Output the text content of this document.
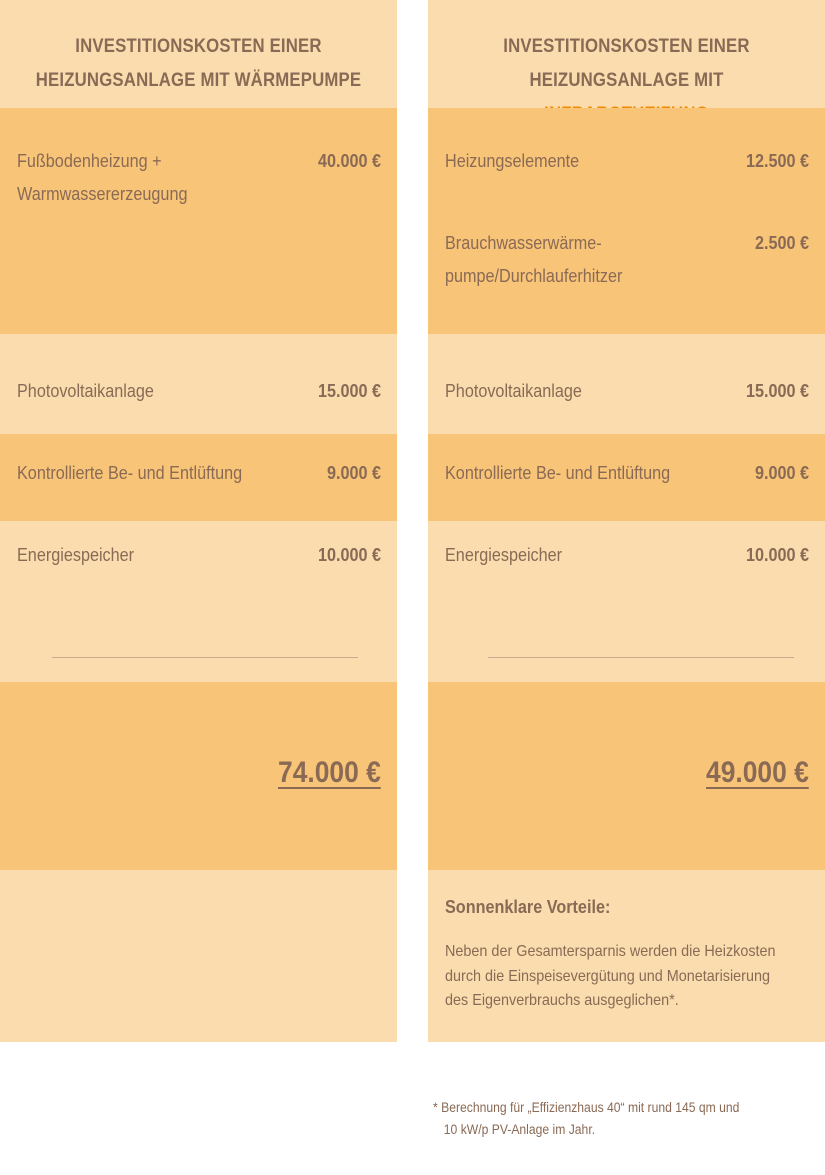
INVESTITIONSKOSTEN EINER
HEIZUNGSANLAGE MIT WÄRMEPUMPE
Fußbodenheizung +
Warmwassererzeugung
40.000 €
Photovoltaikanlage	15.000 €
Kontrollierte Be- und Entlüftung	9.000 €
Energiespeicher	10.000 €
74.000 €
INVESTITIONSKOSTEN EINER
HEIZUNGSANLAGE MIT
Heizungselemente	12.500 €
Brauchwasserwärme-
pumpe/Durchlauferhitzer
2.500 €
Photovoltaikanlage	15.000 €
Kontrollierte Be- und Entlüftung	9.000 €
Energiespeicher	10.000 €
49.000 €
Sonnenklare Vorteile:
Neben der Gesamtersparnis werden die Heizkosten
durch die Einspeisevergütung und Monetarisierung
des Eigenverbrauchs ausgeglichen*.
* Berechnung für „Effizienzhaus 40“ mit rund 145 qm und
10 kW/p PV-Anlage im Jahr.
